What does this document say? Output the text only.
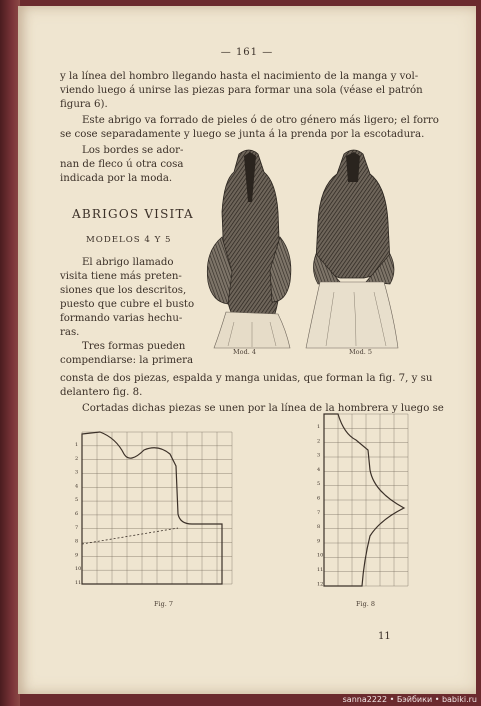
— 161 —
y la línea del hombro llegando hasta el nacimiento de la manga y vol-
viendo luego á unirse las piezas para formar una sola (véase el patrón
figura 6).
Este abrigo va forrado de pieles ó de otro género más ligero; el forro
se cose separadamente y luego se junta á la prenda por la escotadura.
Los bordes se ador-
nan de fleco ú otra cosa
indicada por la moda.
ABRIGOS VISITA
MODELOS 4 Y 5
El abrigo llamado
visita tiene más preten-
siones que los descritos,
puesto que cubre el busto
formando varias hechu-
ras.
Tres formas pueden
compendiarse: la primera
Mod. 4	Mod. 5
consta de dos piezas, espalda y manga unidas, que forman la fig. 7, y su
delantero fig. 8.
Cortadas dichas piezas se unen por la línea de la hombrera y luego se
1
2
3
4
5
6
7
8
9
10
11
Fig. 7
1
2
3
4
5
6
7
8
9
10
11
12
Fig. 8
11
sanna2222 • Бэйбики • babiki.ru
